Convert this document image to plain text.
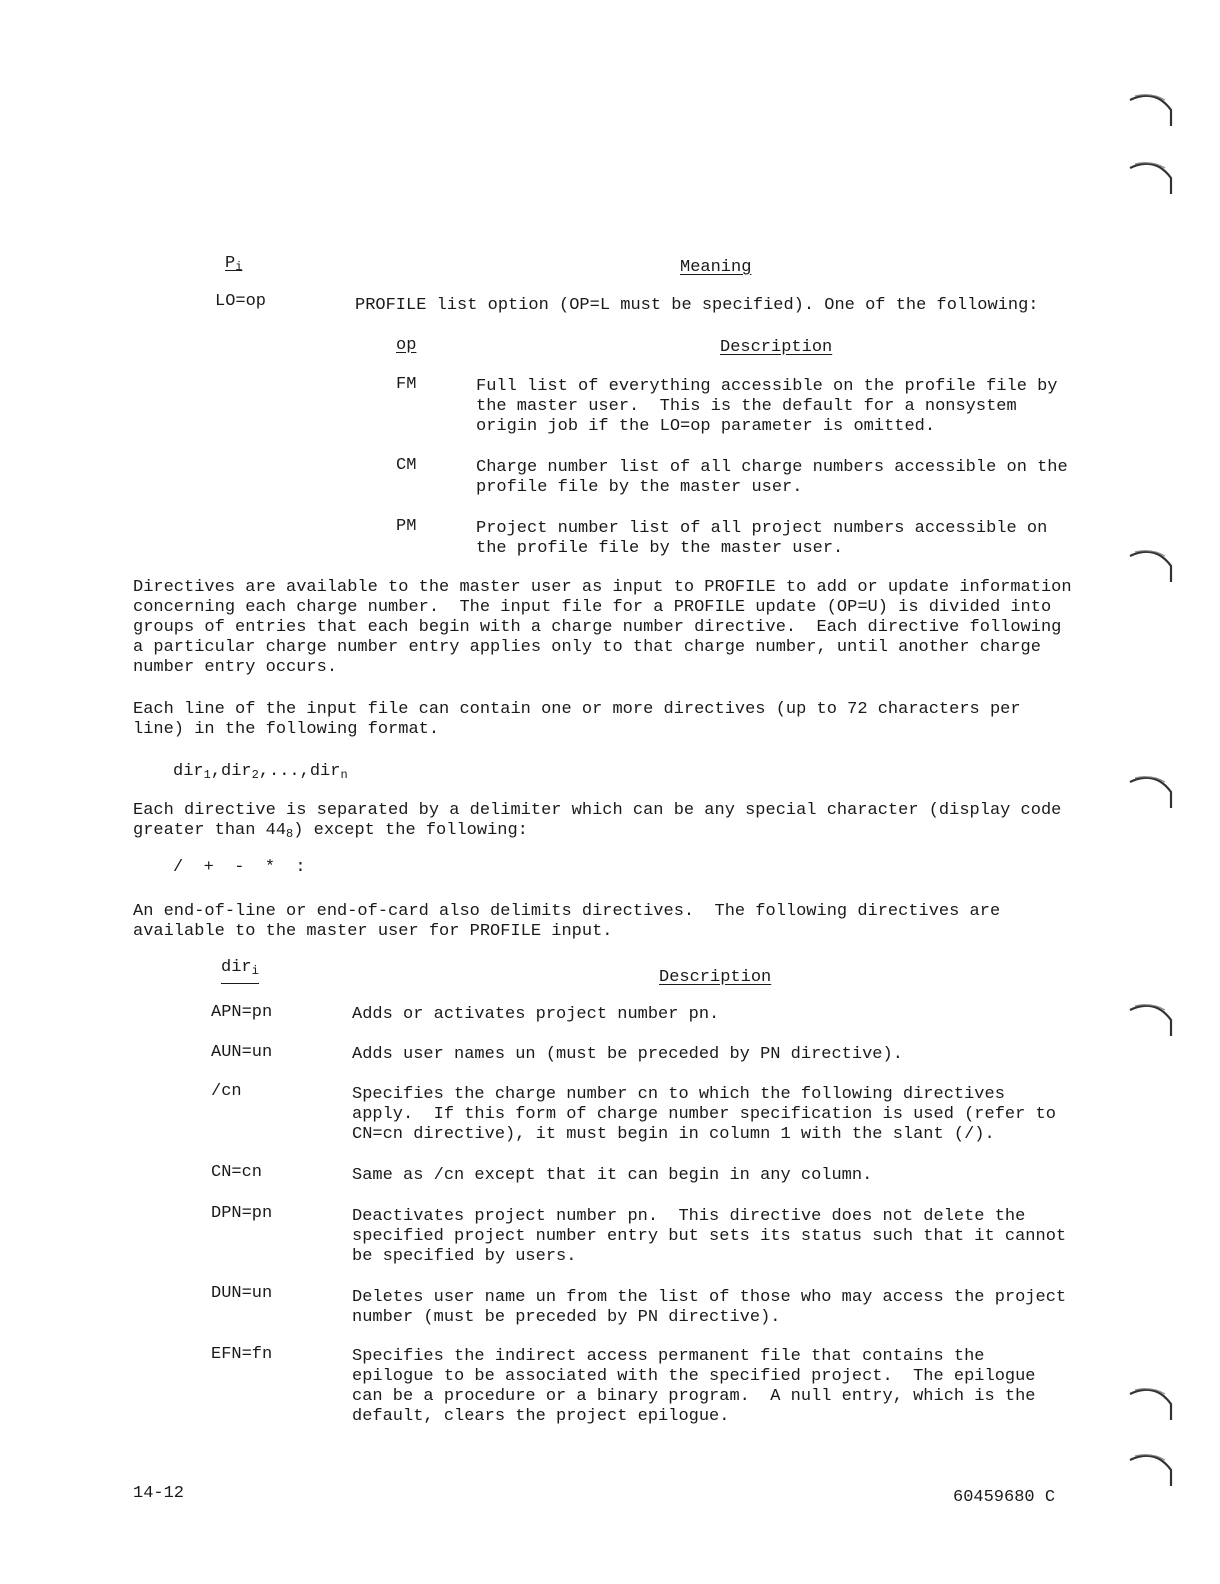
$P_i$	Meaning
LO=op	PROFILE list option (OP=L must be specified). One of the following:
op	Description
FM	Full list of everything accessible on the profile file by
the master user.  This is the default for a nonsystem
origin job if the LO=op parameter is omitted.
CM	Charge number list of all charge numbers accessible on the
profile file by the master user.
PM	Project number list of all project numbers accessible on
the profile file by the master user.
Directives are available to the master user as input to PROFILE to add or update information
concerning each charge number.  The input file for a PROFILE update (OP=U) is divided into
groups of entries that each begin with a charge number directive.  Each directive following
a particular charge number entry applies only to that charge number, until another charge
number entry occurs.
Each line of the input file can contain one or more directives (up to 72 characters per
line) in the following format.
dir$_1$,dir$_2$,...,dir$_n$
Each directive is separated by a delimiter which can be any special character (display code
greater than $44_8$) except the following:
/  +  -  *  :
An end-of-line or end-of-card also delimits directives.  The following directives are
available to the master user for PROFILE input.
dir$_i$	Description
APN=pn	Adds or activates project number pn.
AUN=un	Adds user names un (must be preceded by PN directive).
/cn	Specifies the charge number cn to which the following directives
apply.  If this form of charge number specification is used (refer to
CN=cn directive), it must begin in column 1 with the slant (/).
CN=cn	Same as /cn except that it can begin in any column.
DPN=pn	Deactivates project number pn.  This directive does not delete the
specified project number entry but sets its status such that it cannot
be specified by users.
DUN=un	Deletes user name un from the list of those who may access the project
number (must be preceded by PN directive).
EFN=fn	Specifies the indirect access permanent file that contains the
epilogue to be associated with the specified project.  The epilogue
can be a procedure or a binary program.  A null entry, which is the
default, clears the project epilogue.
14-12	60459680 C
